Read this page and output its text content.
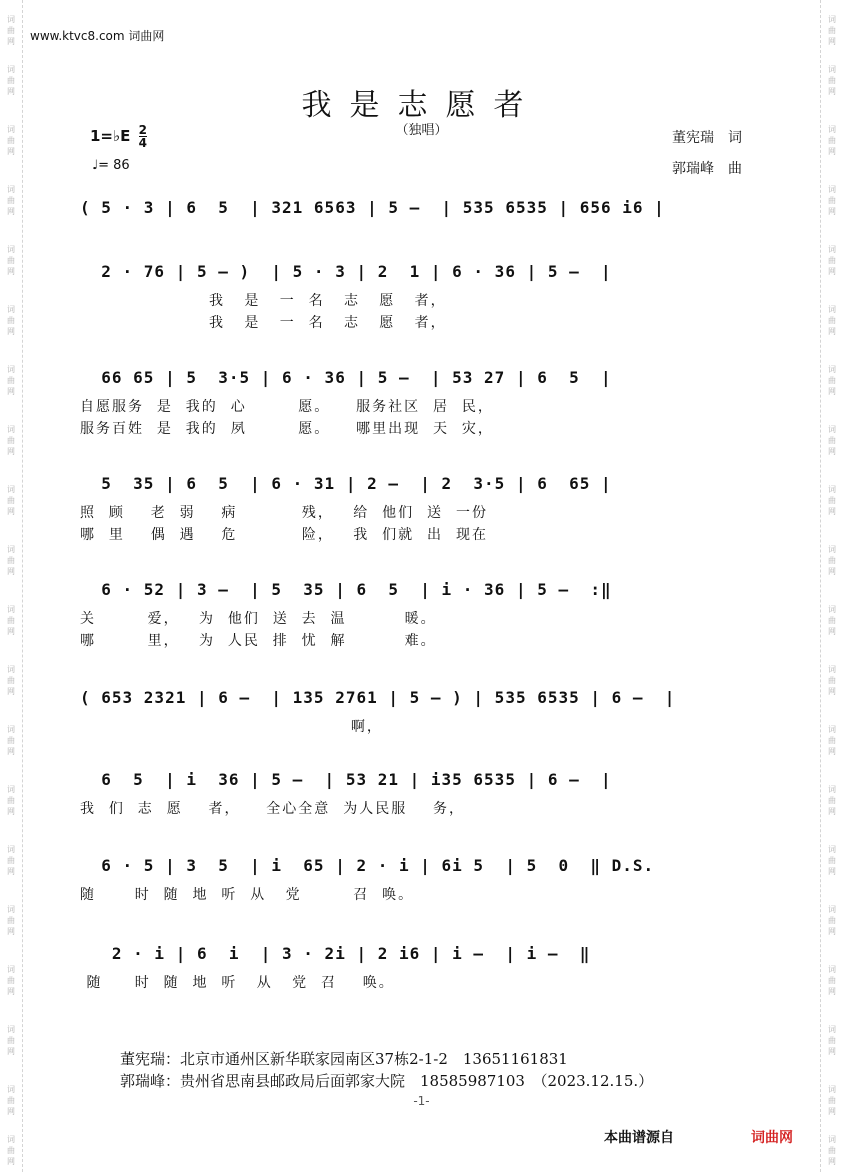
词
曲
网
词
曲
网
词
曲
网
词
曲
网
词
曲
网
词
曲
网
词
曲
网
词
曲
网
词
曲
网
词
曲
网
词
曲
网
词
曲
网
词
曲
网
词
曲
网
词
曲
网
词
曲
网
词
曲
网
词
曲
网
词
曲
网
词
曲
网
词
曲
网
词
曲
网
词
曲
网
词
曲
网
词
曲
网
词
曲
网
词
曲
网
词
曲
网
词
曲
网
词
曲
网
词
曲
网
词
曲
网
词
曲
网
词
曲
网
词
曲
网
词
曲
网
词
曲
网
词
曲
网
词
曲
网
词
曲
网
www.ktvc8.com 词曲网
我是志愿者
（独唱）
1=♭E $\frac{2}{4}$
♩= 86
董宪瑞　词
郭瑞峰　曲
( 5 · 3 | 6  5  | 321 6563 | 5 –  | 535 6535 | 656 i6 |
2 · 76 | 5 – )  | 5 · 3 | 2  1 | 6 · 36 | 5 –  |
我   是   一  名   志   愿   者，
我   是   一  名   志   愿   者，
66 65 | 5  3·5 | 6 · 36 | 5 –  | 53 27 | 6  5  |
自愿服务  是  我的  心        愿。    服务社区  居  民，
服务百姓  是  我的  夙        愿。    哪里出现  天  灾，
5  35 | 6  5  | 6 · 31 | 2 –  | 2  3·5 | 6  65 |
照  顾    老  弱    病          残，   给  他们  送  一份
哪  里    偶  遇    危          险，   我  们就  出  现在
6 · 52 | 3 –  | 5  35 | 6  5  | i · 36 | 5 –  :‖
关        爱，   为  他们  送  去  温         暖。
哪        里，   为  人民  排  忧  解         难。
( 653 2321 | 6 –  | 135 2761 | 5 – ) | 535 6535 | 6 –  |
啊，
6  5  | i  36 | 5 –  | 53 21 | i35 6535 | 6 –  |
我  们  志  愿    者，    全心全意  为人民服    务，
6 · 5 | 3  5  | i  65 | 2 · i | 6i 5  | 5  0  ‖ D.S.
随      时  随  地  听  从   党        召  唤。
2 · i | 6  i  | 3 · 2i | 2 i6 | i –  | i –  ‖
随     时  随  地  听   从   党  召    唤。
董宪瑞：北京市通州区新华联家园南区37栋2-1-2　13651161831
郭瑞峰：贵州省思南县邮政局后面郭家大院　18585987103　（2023.12.15.）
-1-
本曲谱源自	词曲网
